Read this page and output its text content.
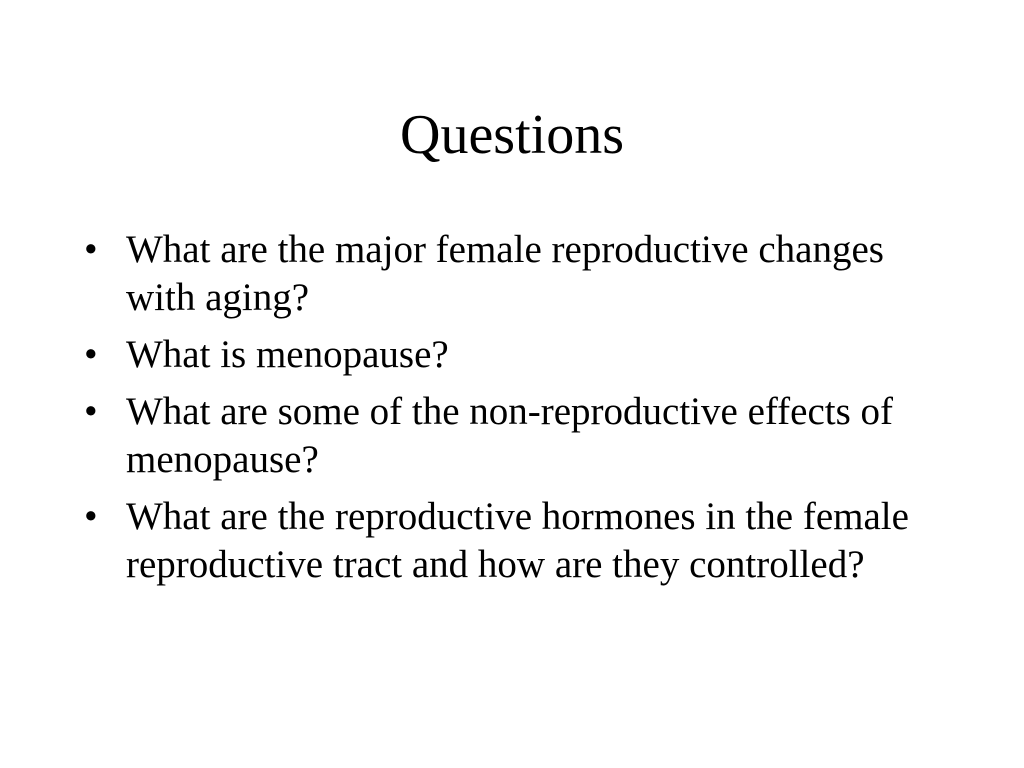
Questions
• What are the major female reproductive changes with aging?
• What is menopause?
• What are some of the non-reproductive effects of menopause?
• What are the reproductive hormones in the female reproductive tract and how are they controlled?
